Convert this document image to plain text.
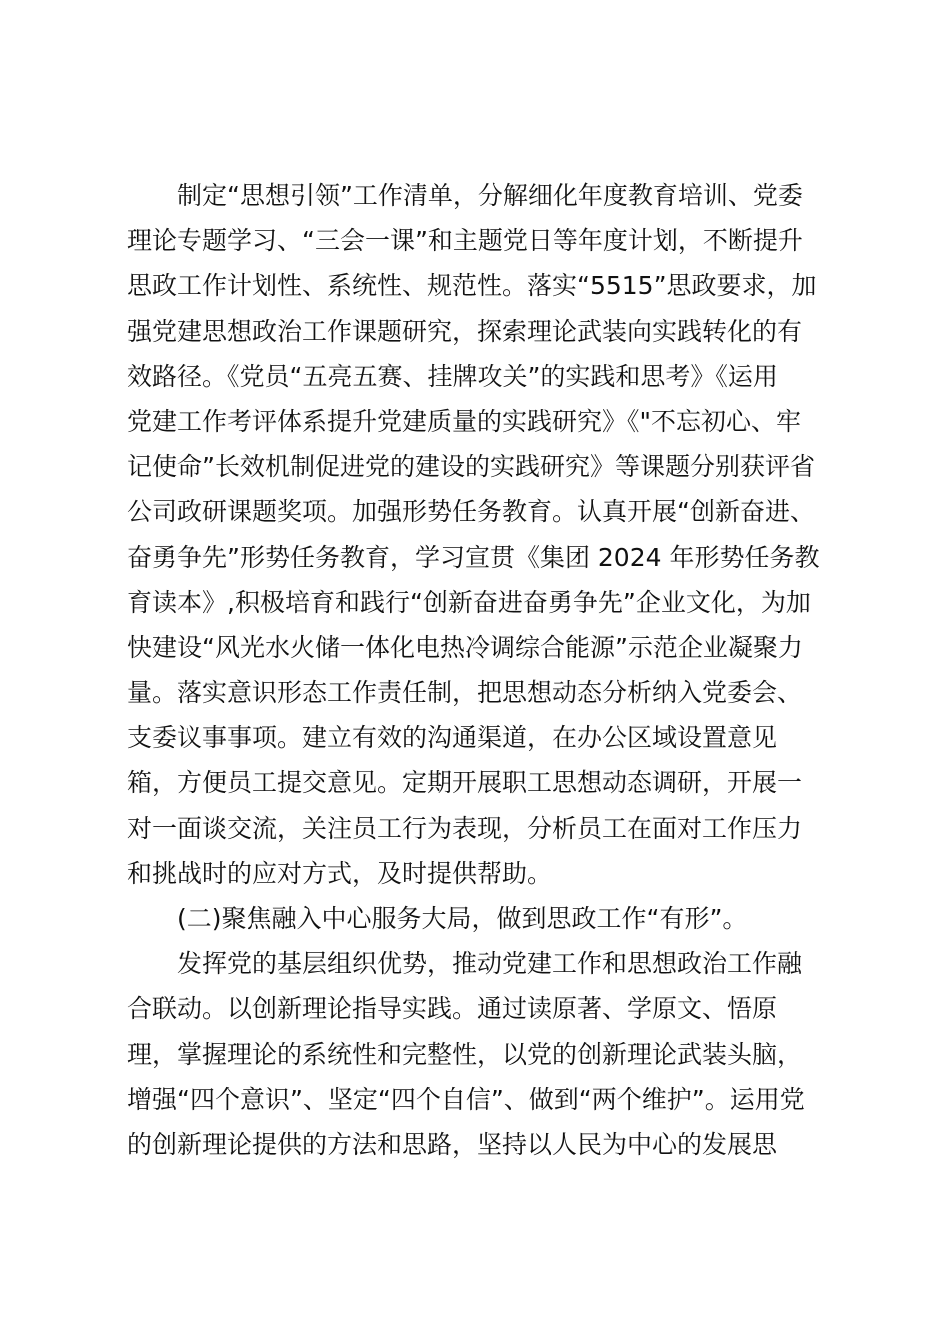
制定“思想引领”工作清单，分解细化年度教育培训、党委
理论专题学习、“三会一课”和主题党日等年度计划，不断提升
思政工作计划性、系统性、规范性。落实“5515”思政要求，加
强党建思想政治工作课题研究，探索理论武装向实践转化的有
效路径。《党员“五亮五赛、挂牌攻关”的实践和思考》《运用
党建工作考评体系提升党建质量的实践研究》《"不忘初心、牢
记使命”长效机制促进党的建设的实践研究》等课题分别获评省
公司政研课题奖项。加强形势任务教育。认真开展“创新奋进、
奋勇争先”形势任务教育，学习宣贯《集团 2024 年形势任务教
育读本》,积极培育和践行“创新奋进奋勇争先”企业文化，为加
快建设“风光水火储一体化电热冷调综合能源”示范企业凝聚力
量。落实意识形态工作责任制，把思想动态分析纳入党委会、
支委议事事项。建立有效的沟通渠道，在办公区域设置意见
箱，方便员工提交意见。定期开展职工思想动态调研，开展一
对一面谈交流，关注员工行为表现，分析员工在面对工作压力
和挑战时的应对方式，及时提供帮助。
(二)聚焦融入中心服务大局，做到思政工作“有形”。
发挥党的基层组织优势，推动党建工作和思想政治工作融
合联动。以创新理论指导实践。通过读原著、学原文、悟原
理，掌握理论的系统性和完整性，以党的创新理论武装头脑，
增强“四个意识”、坚定“四个自信”、做到“两个维护”。运用党
的创新理论提供的方法和思路，坚持以人民为中心的发展思
